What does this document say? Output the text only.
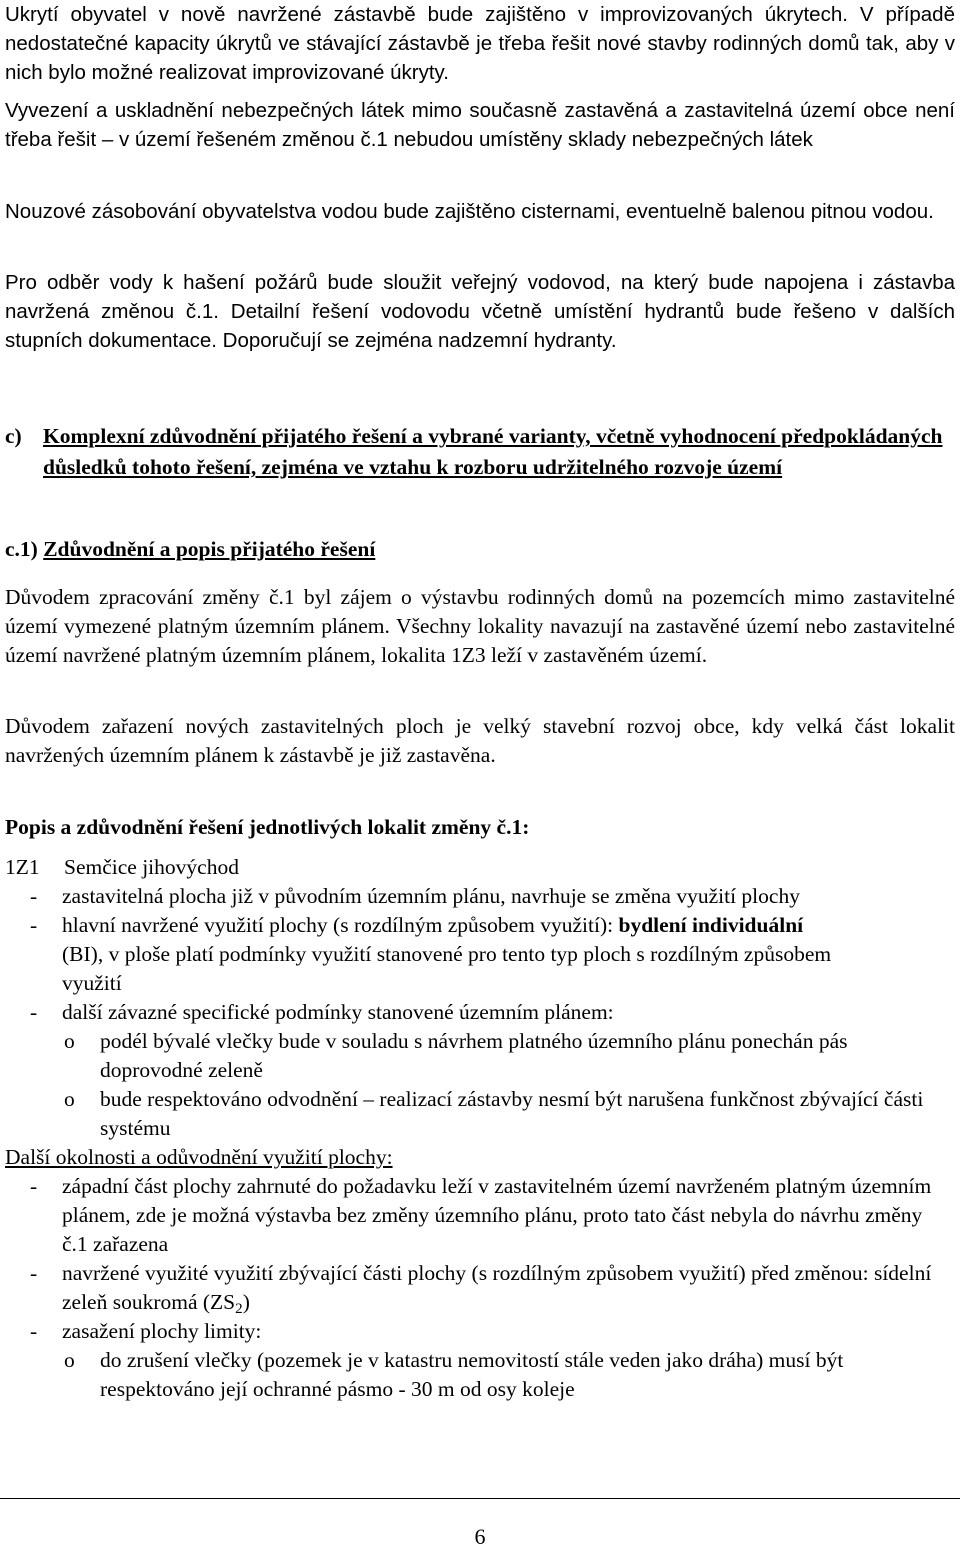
Ukrytí obyvatel v nově navržené zástavbě bude zajištěno v improvizovaných úkrytech. V případě nedostatečné kapacity úkrytů ve stávající zástavbě je třeba řešit nové stavby rodinných domů tak, aby v nich bylo možné realizovat improvizované úkryty.

Vyvezení a uskladnění nebezpečných látek mimo současně zastavěná a zastavitelná území obce není třeba řešit – v území řešeném změnou č.1 nebudou umístěny sklady nebezpečných látek

Nouzové zásobování obyvatelstva vodou bude zajištěno cisternami, eventuelně balenou pitnou vodou.

Pro odběr vody k hašení požárů bude sloužit veřejný vodovod, na který bude napojena i zástavba navržená změnou č.1. Detailní řešení vodovodu včetně umístění hydrantů bude řešeno v dalších stupních dokumentace. Doporučují se zejména nadzemní hydranty.

c) Komplexní zdůvodnění přijatého řešení a vybrané varianty, včetně vyhodnocení předpokládaných důsledků tohoto řešení, zejména ve vztahu k rozboru udržitelného rozvoje území
c.1) Zdůvodnění a popis přijatého řešení

Důvodem zpracování změny č.1 byl zájem o výstavbu rodinných domů na pozemcích mimo zastavitelné území vymezené platným územním plánem. Všechny lokality navazují na zastavěné území nebo zastavitelné území navržené platným územním plánem, lokalita 1Z3 leží v zastavěném území.

Důvodem zařazení nových zastavitelných ploch je velký stavební rozvoj obce, kdy velká část lokalit navržených územním plánem k zástavbě je již zastavěna.

Popis a zdůvodnění řešení jednotlivých lokalit změny č.1:

1Z1 Semčice jihovýchod
- zastavitelná plocha již v původním územním plánu, navrhuje se změna využití plochy
- hlavní navržené využití plochy (s rozdílným způsobem využití): bydlení individuální
(BI), v ploše platí podmínky využití stanovené pro tento typ ploch s rozdílným způsobem využití
- další závazné specifické podmínky stanovené územním plánem:
o podél bývalé vlečky bude v souladu s návrhem platného územního plánu ponechán pás doprovodné zeleně
o bude respektováno odvodnění – realizací zástavby nesmí být narušena funkčnost zbývající části systému

Další okolnosti a odůvodnění využití plochy:

- západní část plochy zahrnuté do požadavku leží v zastavitelném území navrženém platným územním plánem, zde je možná výstavba bez změny územního plánu, proto tato část nebyla do návrhu změny č.1 zařazena
- navržené využité využití zbývající části plochy (s rozdílným způsobem využití) před změnou: sídelní zeleň soukromá $(ZS_2)$
- zasažení plochy limity:
o do zrušení vlečky (pozemek je v katastru nemovitostí stále veden jako dráha) musí být respektováno její ochranné pásmo - 30 m od osy koleje
6
